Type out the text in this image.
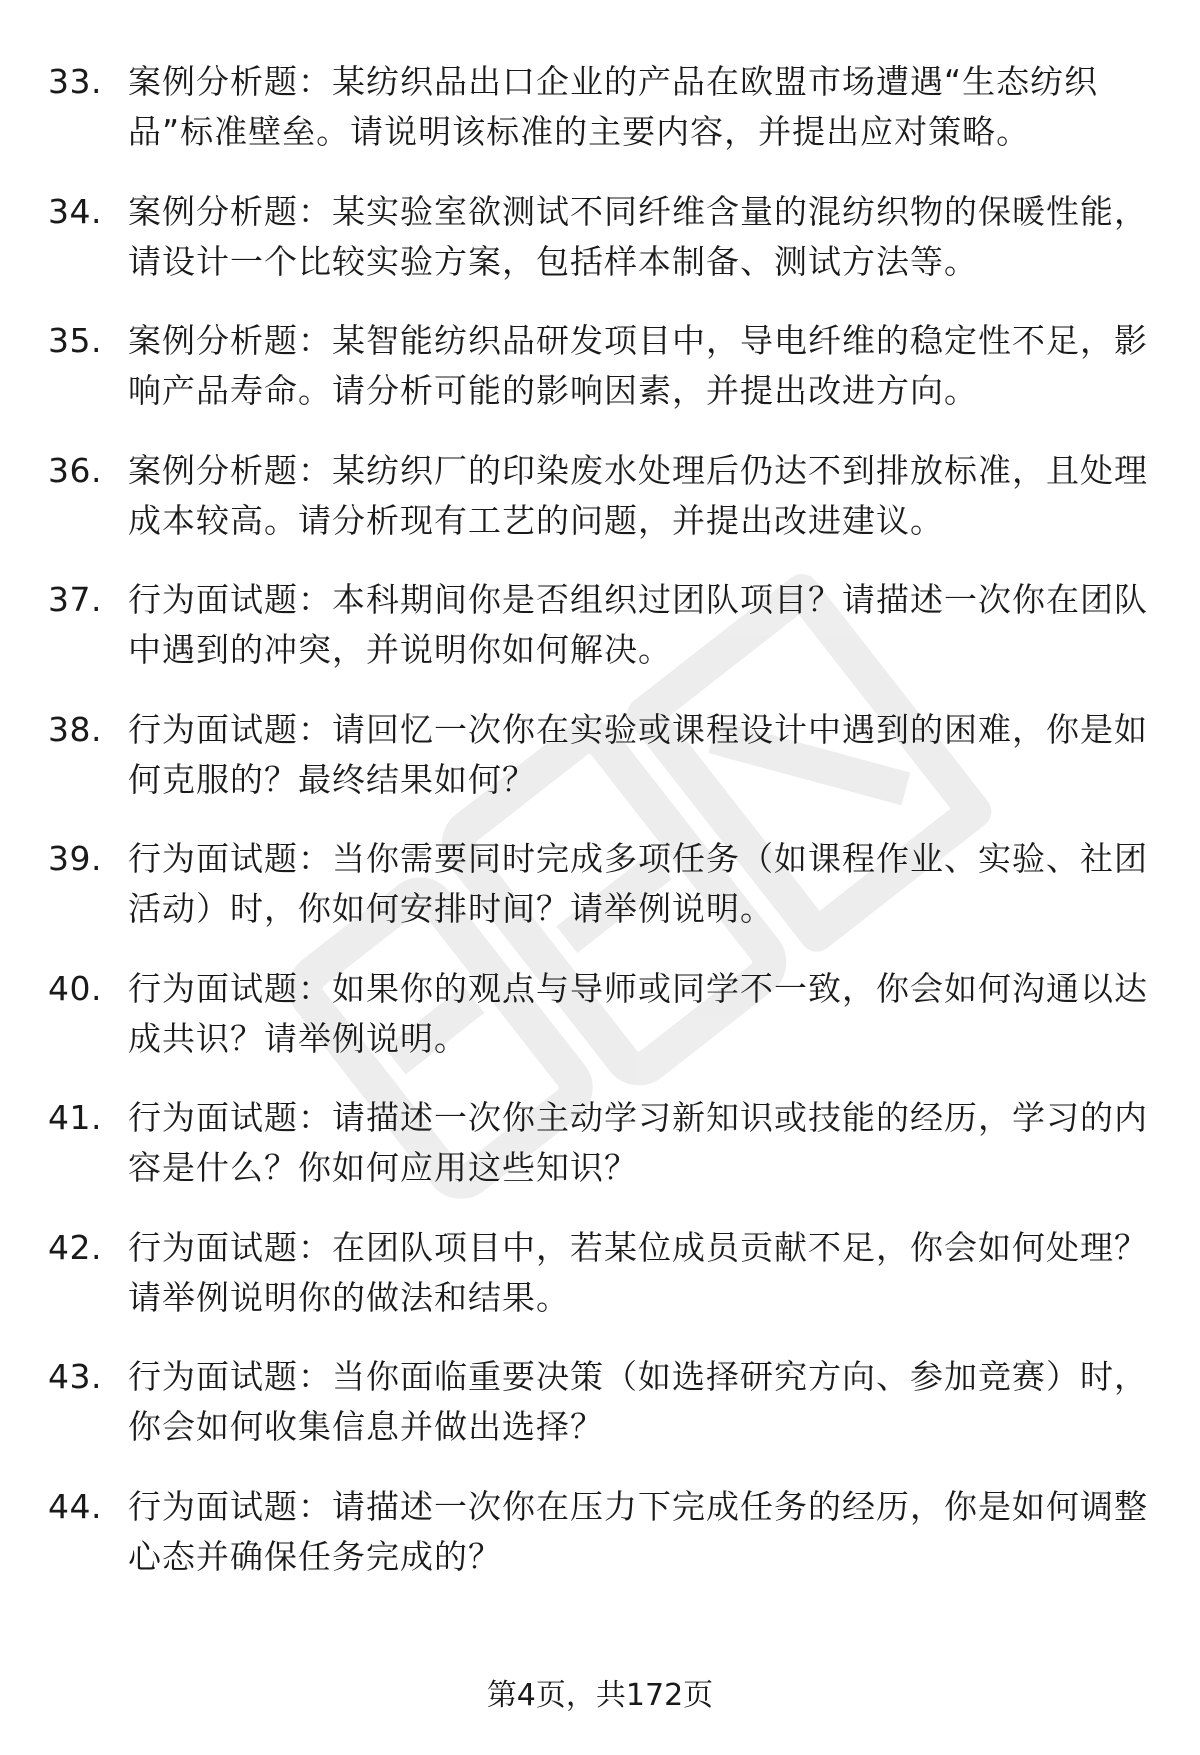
33. 案例分析题：某纺织品出口企业的产品在欧盟市场遭遇“生态纺织品”标准壁垒。请说明该标准的主要内容，并提出应对策略。
34. 案例分析题：某实验室欲测试不同纤维含量的混纺织物的保暖性能，请设计一个比较实验方案，包括样本制备、测试方法等。
35. 案例分析题：某智能纺织品研发项目中，导电纤维的稳定性不足，影响产品寿命。请分析可能的影响因素，并提出改进方向。
36. 案例分析题：某纺织厂的印染废水处理后仍达不到排放标准，且处理成本较高。请分析现有工艺的问题，并提出改进建议。
37. 行为面试题：本科期间你是否组织过团队项目？请描述一次你在团队中遇到的冲突，并说明你如何解决。
38. 行为面试题：请回忆一次你在实验或课程设计中遇到的困难，你是如何克服的？最终结果如何？
39. 行为面试题：当你需要同时完成多项任务（如课程作业、实验、社团活动）时，你如何安排时间？请举例说明。
40. 行为面试题：如果你的观点与导师或同学不一致，你会如何沟通以达成共识？请举例说明。
41. 行为面试题：请描述一次你主动学习新知识或技能的经历，学习的内容是什么？你如何应用这些知识？
42. 行为面试题：在团队项目中，若某位成员贡献不足，你会如何处理？请举例说明你的做法和结果。
43. 行为面试题：当你面临重要决策（如选择研究方向、参加竞赛）时，你会如何收集信息并做出选择？
44. 行为面试题：请描述一次你在压力下完成任务的经历，你是如何调整心态并确保任务完成的？
第4页，共172页
